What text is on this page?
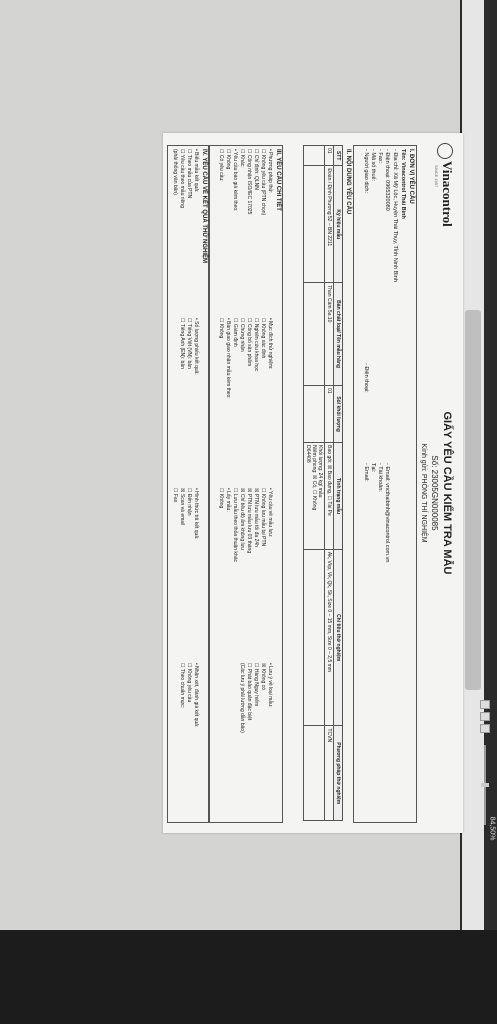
Vinacontrol
SINCE 1957
GIẤY YÊU CẦU KIỂM TRA MẪU
Số: 23005GN000085
Kính gửi: PHÒNG THÍ NGHIỆM
I. ĐƠN VỊ YÊU CẦU
Tên: Vinacontrol Thái Bình
- Địa chỉ: Xã Mỹ Lộc, Huyện Thái Thụy, Tỉnh Ninh Bình
- Điện thoại: 0965320080
- Fax:
- Mã số thuế:
- Người giao dịch:
- Email: vncthaibinh@vinacontrol.com.vn
- Tài khoản:
Tại:
- Điện thoại:
- Email:
II. NỘI DUNG YÊU CẦU
STT	Ký hiệu mẫu	Bản chất loại/ Tên mẫu hàng	Số/ khối lượng	Tình trạng mẫu	Chỉ tiêu thử nghiệm	Phương pháp thử nghiệm
01	Đoàn / Định Phương 52 – BN 2211	Than Cám 5a.10	01	Bao gói: ☒ Bao đựng, ☐ Tài Pe	Ak, Vkp, Vk, Qk, Sk, Size 0 – 15 mm, Size 0 – 2,5 mm	TCVN

				Khối lượng: 24 kg/ mẫu
Niêm phong: ☒ Có, ☐ Không
D64408		

III. YÊU CẦU CHI TIẾT
• Phương pháp thử:
☐ Không yêu cầu (PTN chọn)
☐ Chỉ định: QLNN
☐ Công nhận ISO/IEC 17025
☐ Khác:
• Yêu cầu báo giá kèm theo:
☐ Không
☐ Có yêu cầu:
• Mục đích thử nghiệm:
☐ Không xác định
☐ Nghiên cứu khoa học
☐ Công bố sản phẩm
☐ Chứng nhận
☐ Giám định
• Bàn giao giao nhận mẫu kèm theo:
☐ Không
• Yêu cầu về mẫu lưu:
☐ Không lưu mẫu tại PTN
☒ PTN lưu mẫu tối đa 24h
☒ PTN lưu mẫu lưu 03 tháng
☒ Chỉ tiêu độ ẩm không lưu
☐ Lưu mẫu theo thỏa thuận khác
• Lấy mẫu:
☐ Không
• Lưu ý về loại mẫu:
☒ Không có
☐ Hàng Nguy hiểm
☐ Phát bảo quản đặc biệt
(Các lưu ý phải lường dẫn bảo)
IV. YÊU CẦU VỀ KẾT QUẢ THỬ NGHIỆM
• Biểu mẫu kết quả:
☐ Theo mẫu của PTN
☐ Yêu cầu theo mẫu riêng
(phải thống văn bản)
• Số lượng phiếu kết quả:
☐ Tiếng Việt (VN): bản
☐ Tiếng Anh (EN): bản
• Hình thức trả kết quả:
☐ Đến nhận
☒ Scan và email
☐ Fax
• Nhận xét, đánh giá kết quả:
☐ Không yêu cầu
☐ Theo chuẩn mực:
84,50%
